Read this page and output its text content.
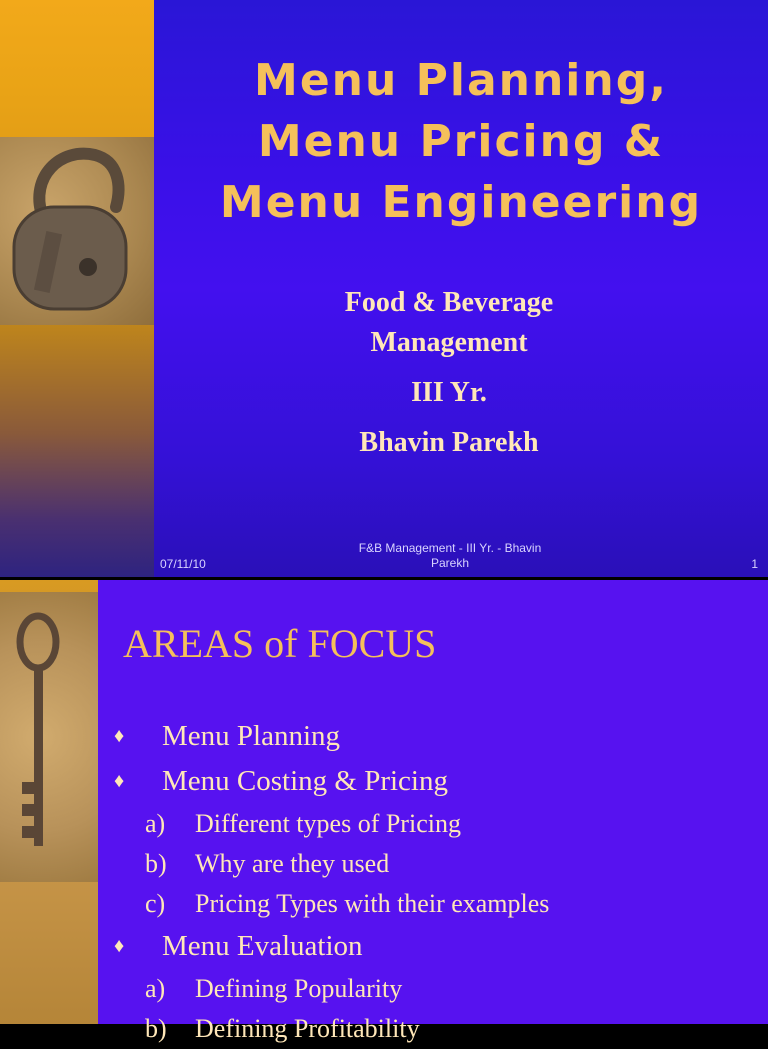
Menu Planning,
Menu Pricing &
Menu Engineering
Food & Beverage
Management
III Yr.
Bhavin Parekh
07/11/10
F&B Management - III Yr. - Bhavin
Parekh	1
AREAS of FOCUS
♦ Menu Planning
♦ Menu Costing & Pricing
a) Different types of Pricing
b) Why are they used
c) Pricing Types with their examples
♦ Menu Evaluation
a) Defining Popularity
b) Defining Profitability
